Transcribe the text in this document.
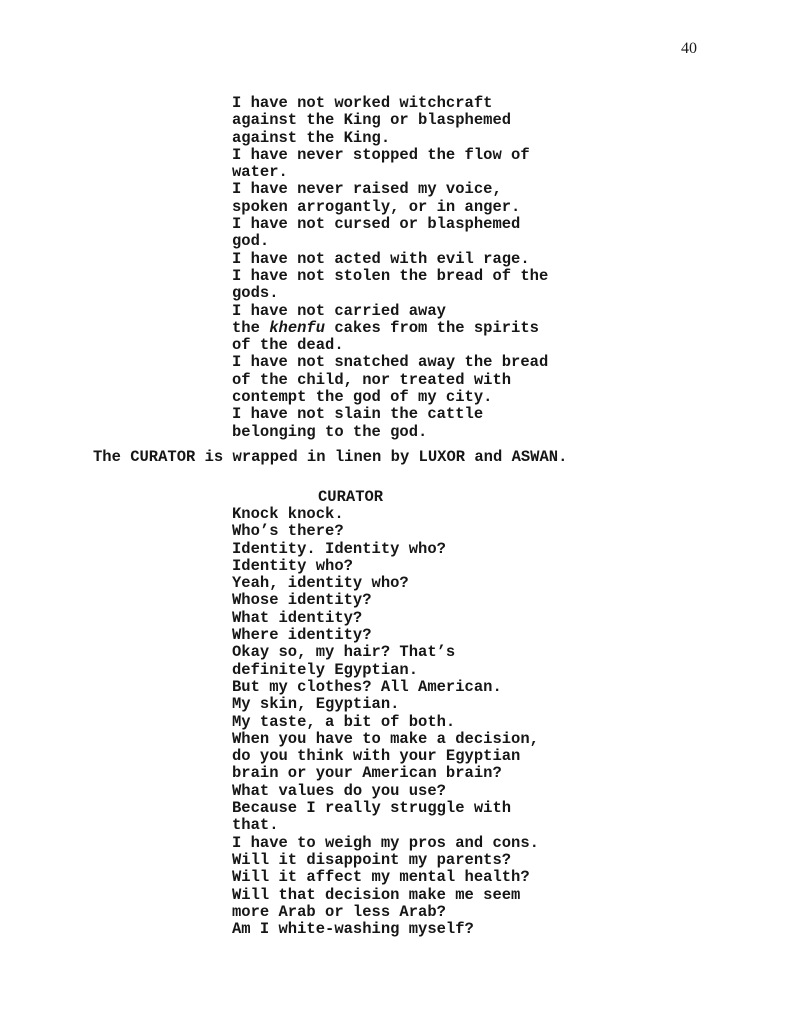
40
I have not worked witchcraft
against the King or blasphemed
against the King.
I have never stopped the flow of
water.
I have never raised my voice,
spoken arrogantly, or in anger.
I have not cursed or blasphemed
god.
I have not acted with evil rage.
I have not stolen the bread of the
gods.
I have not carried away
the khenfu cakes from the spirits
of the dead.
I have not snatched away the bread
of the child, nor treated with
contempt the god of my city.
I have not slain the cattle
belonging to the god.
The CURATOR is wrapped in linen by LUXOR and ASWAN.
CURATOR
Knock knock.
Who’s there?
Identity. Identity who?
Identity who?
Yeah, identity who?
Whose identity?
What identity?
Where identity?
Okay so, my hair? That’s
definitely Egyptian.
But my clothes? All American.
My skin, Egyptian.
My taste, a bit of both.
When you have to make a decision,
do you think with your Egyptian
brain or your American brain?
What values do you use?
Because I really struggle with
that.
I have to weigh my pros and cons.
Will it disappoint my parents?
Will it affect my mental health?
Will that decision make me seem
more Arab or less Arab?
Am I white-washing myself?
